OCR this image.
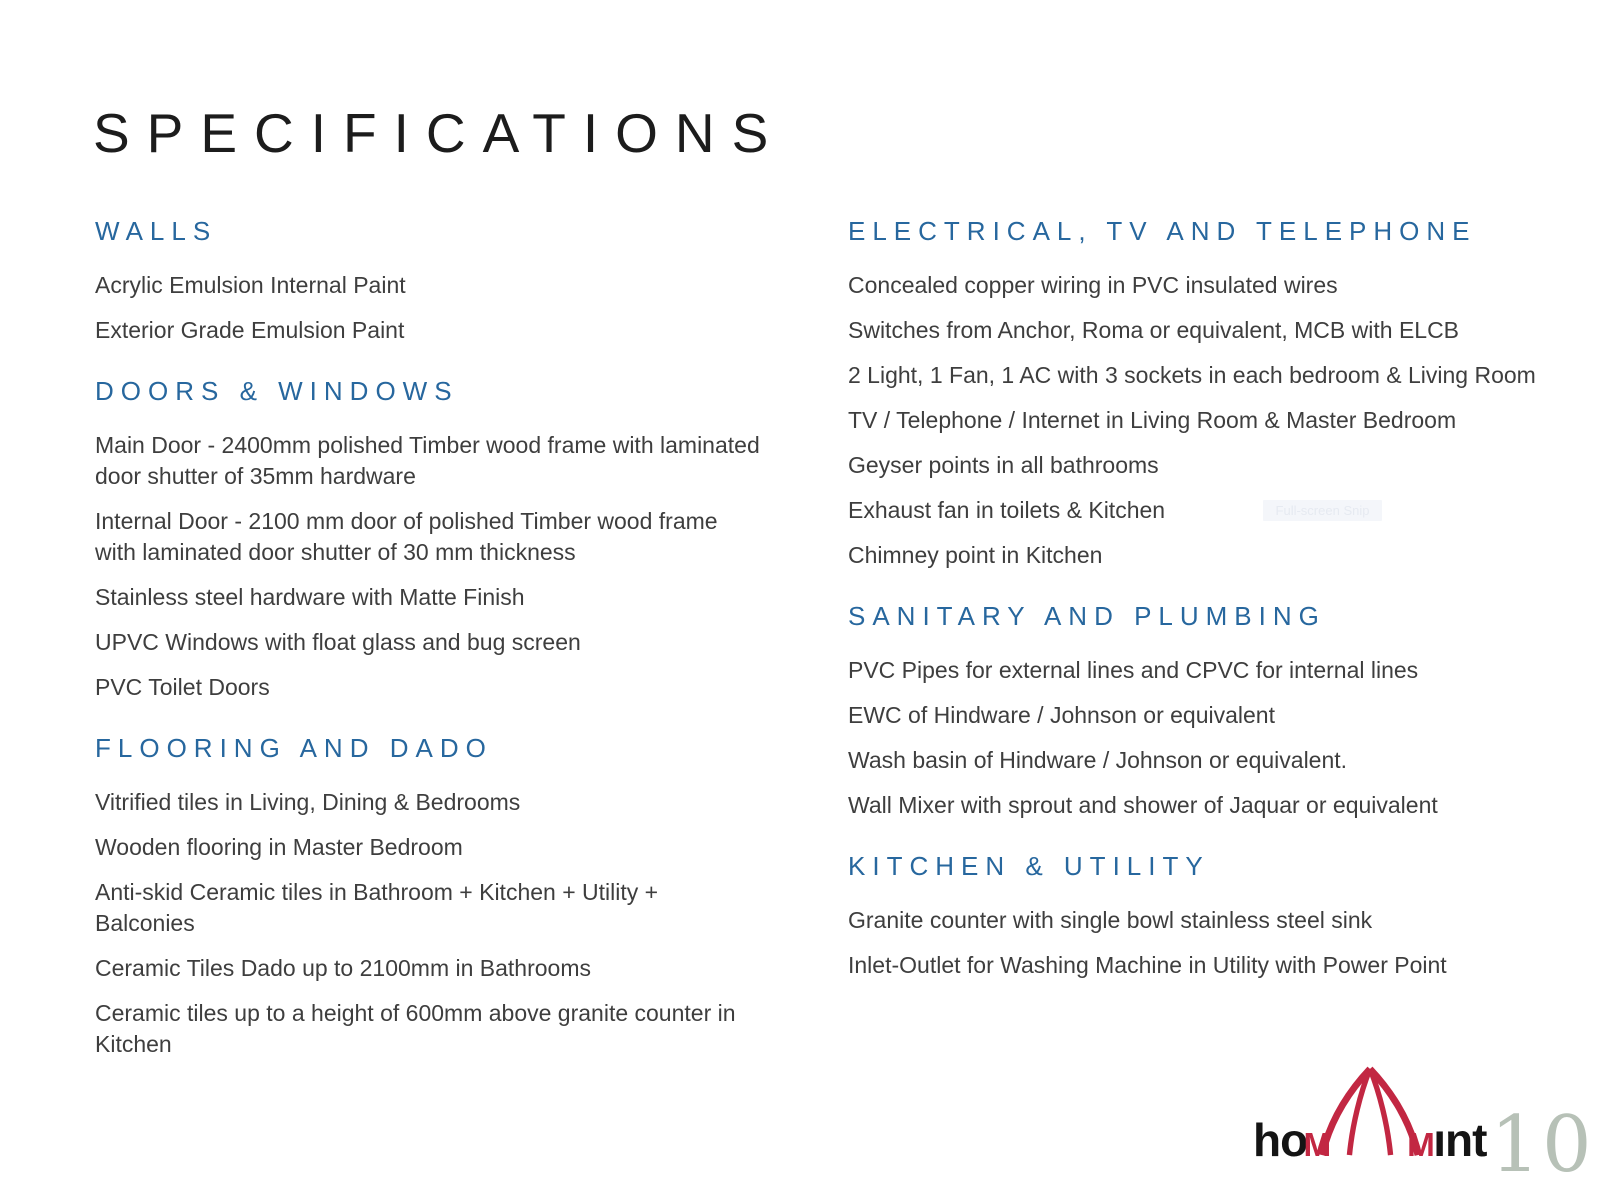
SPECIFICATIONS
WALLS

Acrylic Emulsion Internal Paint

Exterior Grade Emulsion Paint

DOORS & WINDOWS

Main Door - 2400mm polished Timber wood frame with laminated door shutter of 35mm hardware

Internal Door - 2100 mm door of polished Timber wood frame with laminated door shutter of 30 mm thickness

Stainless steel hardware with Matte Finish

UPVC Windows with float glass and bug screen

PVC Toilet Doors

FLOORING AND DADO

Vitrified tiles in Living, Dining & Bedrooms

Wooden flooring in Master Bedroom

Anti-skid Ceramic tiles in Bathroom + Kitchen + Utility + Balconies

Ceramic Tiles Dado up to 2100mm in Bathrooms

Ceramic tiles up to a height of 600mm above granite counter in Kitchen

ELECTRICAL, TV AND TELEPHONE

Concealed copper wiring in PVC insulated wires

Switches from Anchor, Roma or equivalent, MCB with ELCB

2 Light, 1 Fan, 1 AC with 3 sockets in each bedroom & Living Room

TV / Telephone / Internet in Living Room & Master Bedroom

Geyser points in all bathrooms

Exhaust fan in toilets & Kitchen

Chimney point in Kitchen

SANITARY AND PLUMBING

PVC Pipes for external lines and CPVC for internal lines

EWC of Hindware / Johnson or equivalent

Wash basin of Hindware / Johnson or equivalent.

Wall Mixer with sprout and shower of Jaquar or equivalent

KITCHEN & UTILITY

Granite counter with single bowl stainless steel sink

Inlet-Outlet for Washing Machine in Utility with Power Point

Full-screen Snip
ho
M M
ınt 10
